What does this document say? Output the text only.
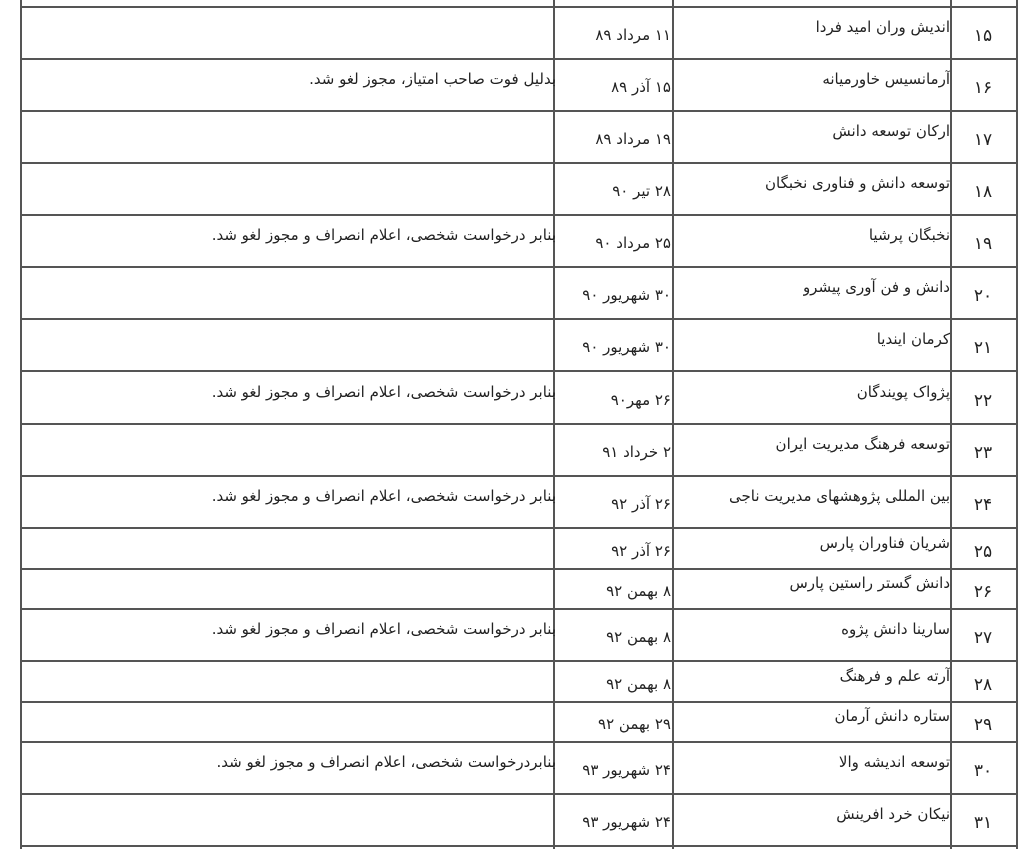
۱۵
اندیش وران امید فردا
۱۱ مرداد ۸۹
۱۶
آرمانسیس خاورمیانه
۱۵ آذر ۸۹
بدلیل فوت صاحب امتیاز، مجوز لغو شد.
۱۷
ارکان توسعه دانش
۱۹ مرداد ۸۹
۱۸
توسعه دانش و فناوری نخبگان
۲۸ تیر ۹۰
۱۹
نخبگان پرشیا
۲۵ مرداد ۹۰
بنابر درخواست شخصی، اعلام انصراف و مجوز لغو شد.
۲۰
دانش و فن آوری پیشرو
۳۰ شهریور ۹۰
۲۱
کرمان ایندیا
۳۰ شهریور ۹۰
۲۲
پژواک پویندگان
۲۶ مهر۹۰
بنابر درخواست شخصی، اعلام انصراف و مجوز لغو شد.
۲۳
توسعه فرهنگ مدیریت ایران
۲ خرداد ۹۱
۲۴
بین المللی پژوهشهای مدیریت ناجی
۲۶ آذر ۹۲
بنابر درخواست شخصی، اعلام انصراف و مجوز لغو شد.
۲۵
شریان فناوران پارس
۲۶ آذر ۹۲
۲۶
دانش گستر راستین پارس
۸ بهمن ۹۲
۲۷
سارینا دانش پژوه
۸ بهمن ۹۲
بنابر درخواست شخصی، اعلام انصراف و مجوز لغو شد.
۲۸
آرته علم و فرهنگ
۸ بهمن ۹۲
۲۹
ستاره دانش آرمان
۲۹ بهمن ۹۲
۳۰
توسعه اندیشه والا
۲۴ شهریور ۹۳
بنابردرخواست شخصی، اعلام انصراف و مجوز لغو شد.
۳۱
نیکان خرد افرینش
۲۴ شهریور ۹۳
